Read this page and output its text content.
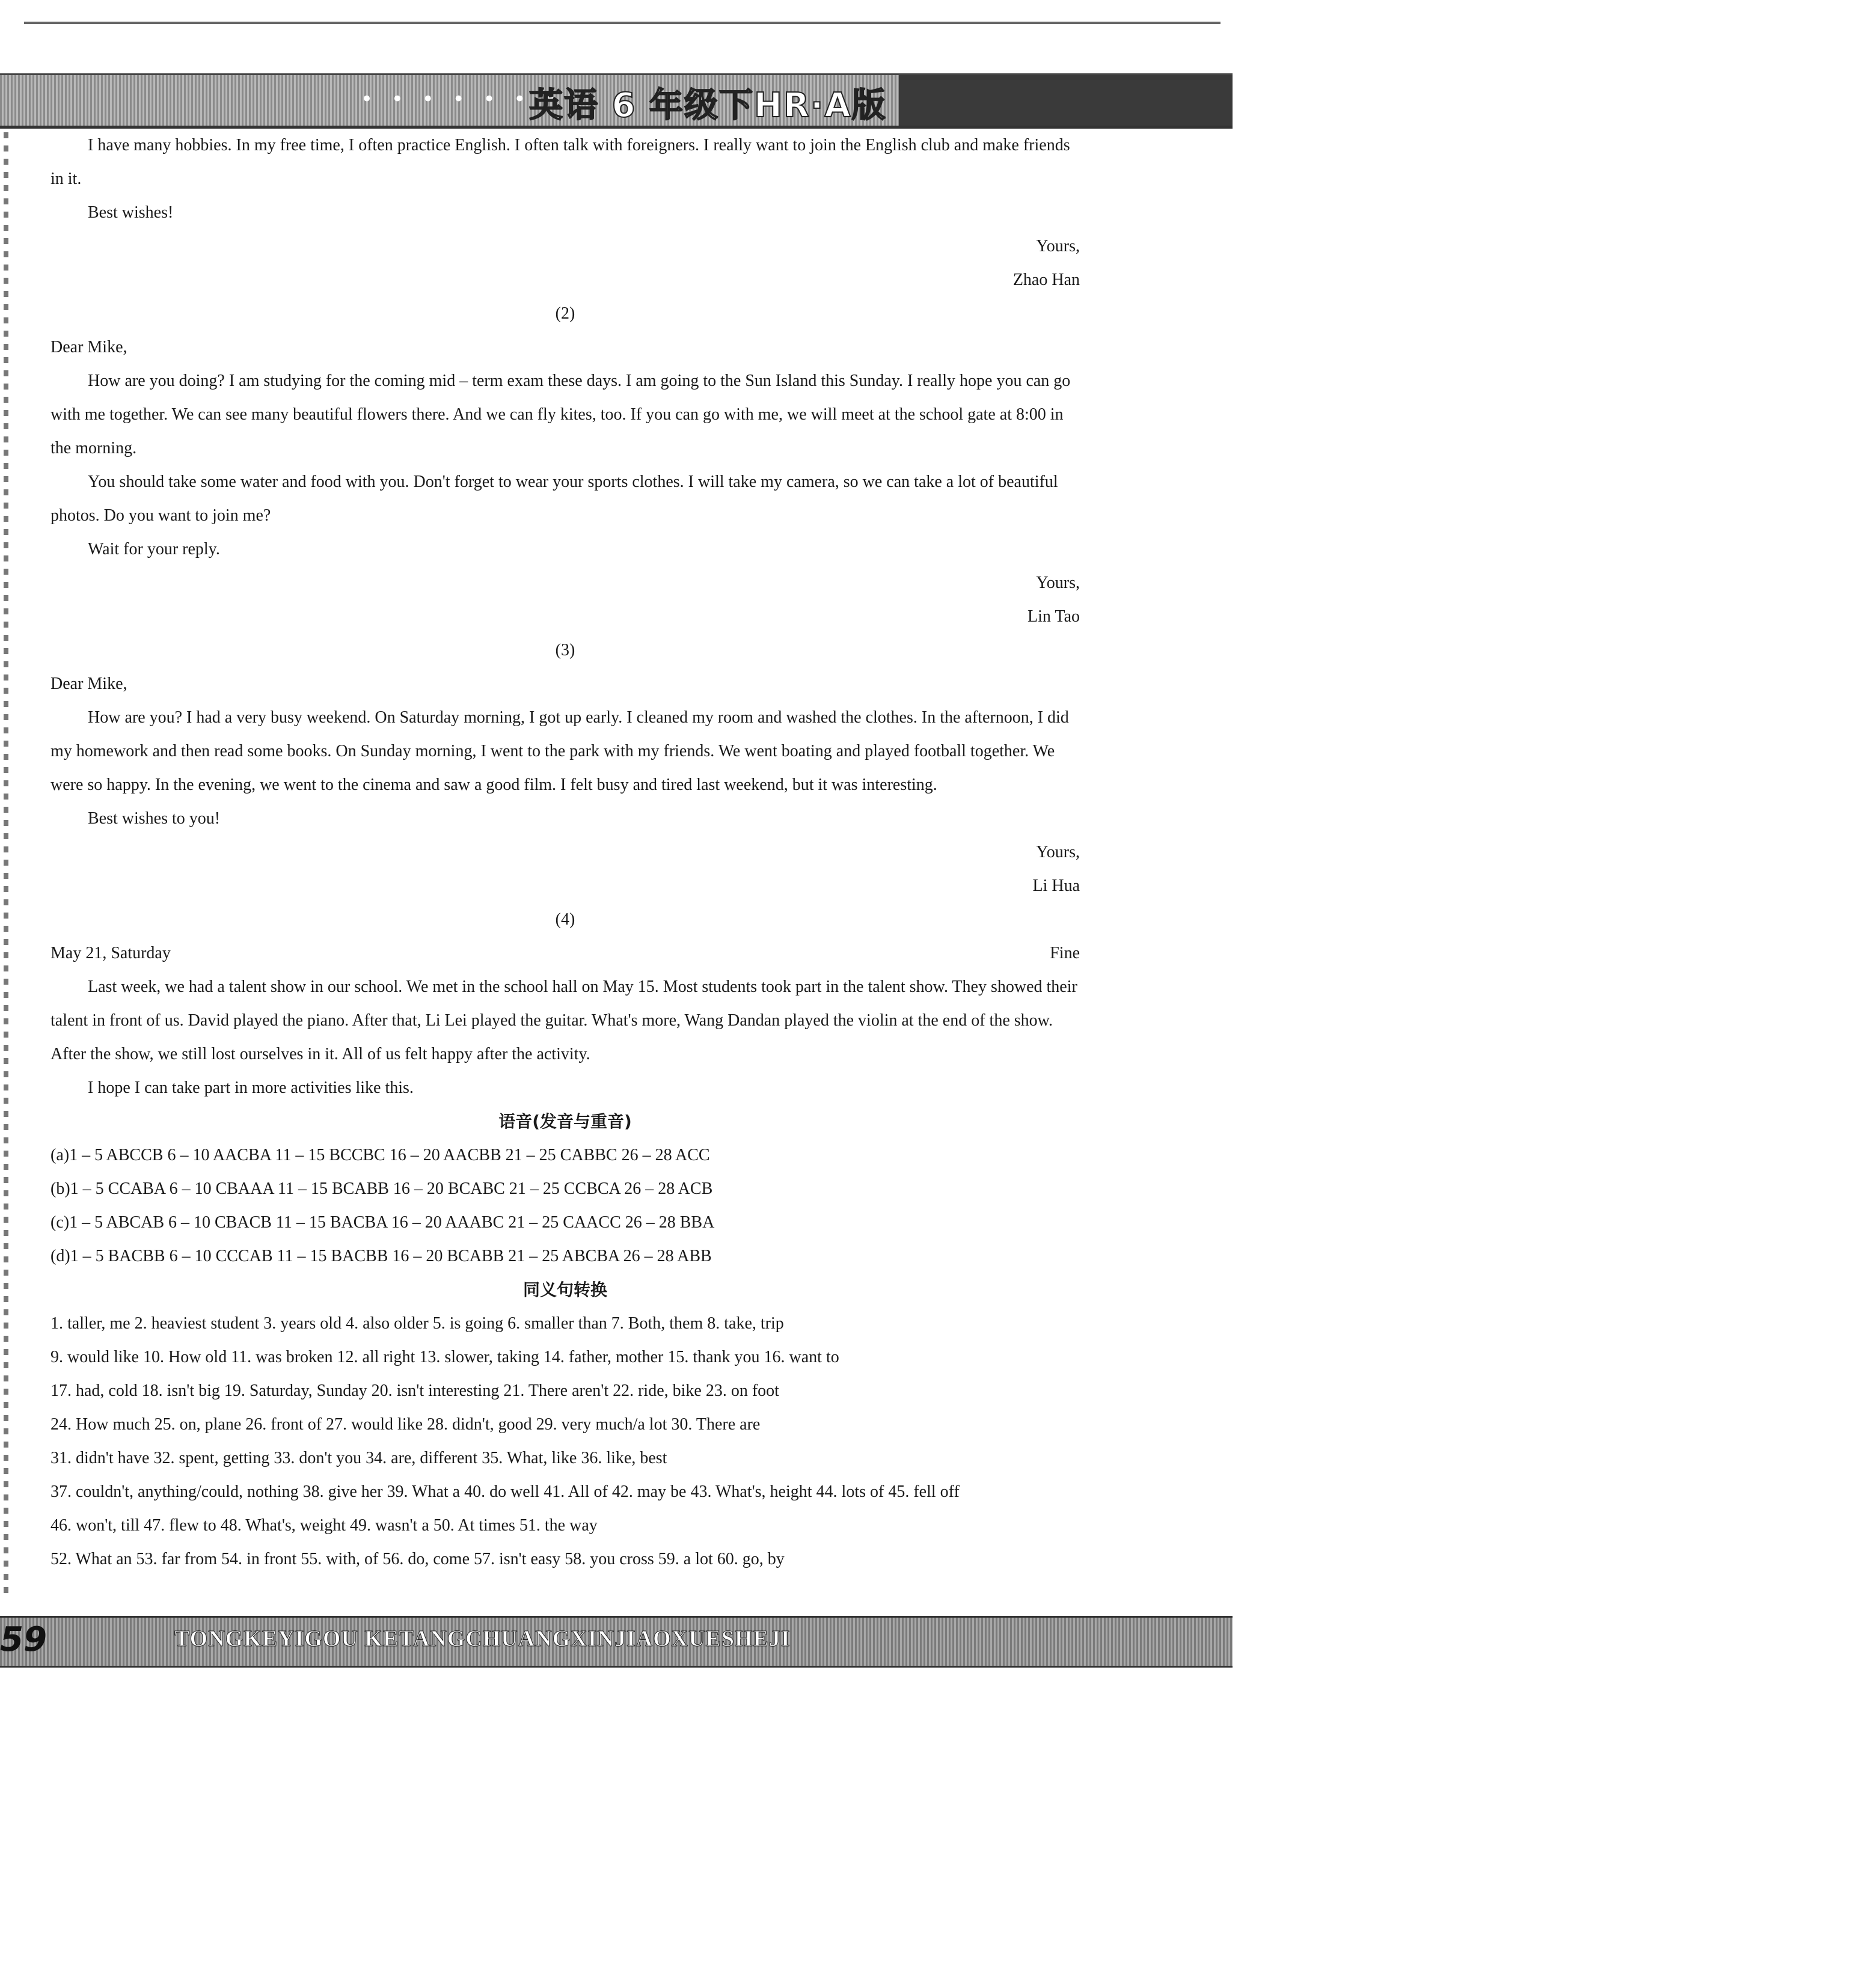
• • • • • • •
英语 6 年级下HR·A版	精析巧练

I have many hobbies. In my free time, I often practice English. I often talk with foreigners. I really want to join the English club and make friends in it.

Best wishes!

Yours,

Zhao Han

(2)

Dear Mike,

How are you doing? I am studying for the coming mid – term exam these days. I am going to the Sun Island this Sunday. I really hope you can go with me together. We can see many beautiful flowers there. And we can fly kites, too. If you can go with me, we will meet at the school gate at 8:00 in the morning.

You should take some water and food with you. Don't forget to wear your sports clothes. I will take my camera, so we can take a lot of beautiful photos. Do you want to join me?

Wait for your reply.

Yours,

Lin Tao

(3)

Dear Mike,

How are you? I had a very busy weekend. On Saturday morning, I got up early. I cleaned my room and washed the clothes. In the afternoon, I did my homework and then read some books. On Sunday morning, I went to the park with my friends. We went boating and played football together. We were so happy. In the evening, we went to the cinema and saw a good film. I felt busy and tired last weekend, but it was interesting.

Best wishes to you!

Yours,

Li Hua

(4)

May 21, Saturday	Fine

Last week, we had a talent show in our school. We met in the school hall on May 15. Most students took part in the talent show. They showed their talent in front of us. David played the piano. After that, Li Lei played the guitar. What's more, Wang Dandan played the violin at the end of the show. After the show, we still lost ourselves in it. All of us felt happy after the activity.

I hope I can take part in more activities like this.

语音(发音与重音)

(a)1 – 5 ABCCB 6 – 10 AACBA 11 – 15 BCCBC 16 – 20 AACBB 21 – 25 CABBC 26 – 28 ACC

(b)1 – 5 CCABA 6 – 10 CBAAA 11 – 15 BCABB 16 – 20 BCABC 21 – 25 CCBCA 26 – 28 ACB

(c)1 – 5 ABCAB 6 – 10 CBACB 11 – 15 BACBA 16 – 20 AAABC 21 – 25 CAACC 26 – 28 BBA

(d)1 – 5 BACBB 6 – 10 CCCAB 11 – 15 BACBB 16 – 20 BCABB 21 – 25 ABCBA 26 – 28 ABB

同义句转换

1. taller, me 2. heaviest student 3. years old 4. also older 5. is going 6. smaller than 7. Both, them 8. take, trip

9. would like 10. How old 11. was broken 12. all right 13. slower, taking 14. father, mother 15. thank you 16. want to

17. had, cold 18. isn't big 19. Saturday, Sunday 20. isn't interesting 21. There aren't 22. ride, bike 23. on foot

24. How much 25. on, plane 26. front of 27. would like 28. didn't, good 29. very much/a lot 30. There are

31. didn't have 32. spent, getting 33. don't you 34. are, different 35. What, like 36. like, best

37. couldn't, anything/could, nothing 38. give her 39. What a 40. do well 41. All of 42. may be 43. What's, height 44. lots of 45. fell off

46. won't, till 47. flew to 48. What's, weight 49. wasn't a 50. At times 51. the way

52. What an 53. far from 54. in front 55. with, of 56. do, come 57. isn't easy 58. you cross 59. a lot 60. go, by

59	TONGKEYIGOU KETANGCHUANGXINJIAOXUESHEJI
